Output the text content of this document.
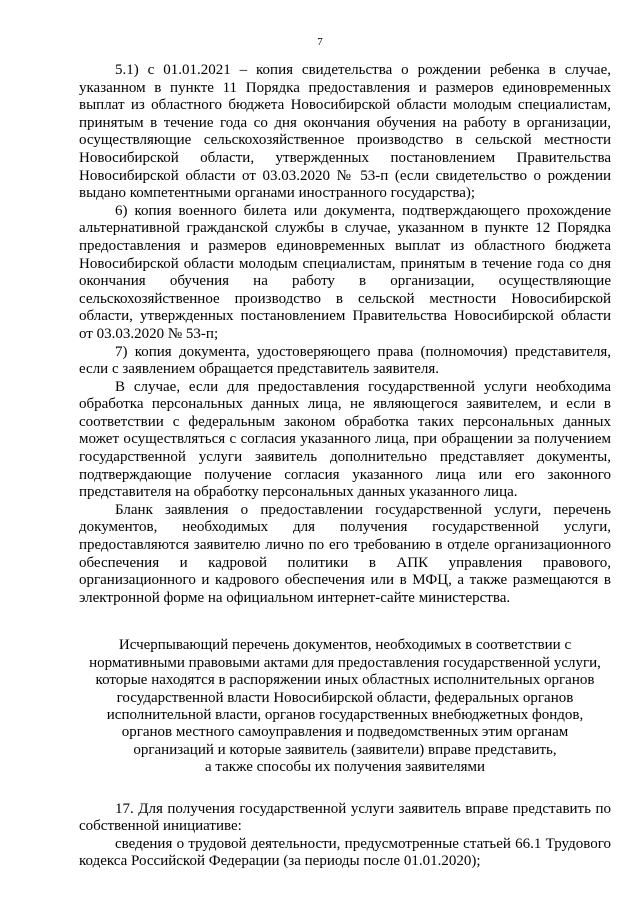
7

5.1) с 01.01.2021 – копия свидетельства о рождении ребенка в случае, указанном в пункте 11 Порядка предоставления и размеров единовременных выплат из областного бюджета Новосибирской области молодым специалистам, принятым в течение года со дня окончания обучения на работу в организации, осуществляющие сельскохозяйственное производство в сельской местности Новосибирской области, утвержденных постановлением Правительства Новосибирской области от 03.03.2020 № 53-п (если свидетельство о рождении выдано компетентными органами иностранного государства);

6) копия военного билета или документа, подтверждающего прохождение альтернативной гражданской службы в случае, указанном в пункте 12 Порядка предоставления и размеров единовременных выплат из областного бюджета Новосибирской области молодым специалистам, принятым в течение года со дня окончания обучения на работу в организации, осуществляющие сельскохозяйственное производство в сельской местности Новосибирской области, утвержденных постановлением Правительства Новосибирской области от 03.03.2020 № 53-п;

7) копия документа, удостоверяющего права (полномочия) представителя, если с заявлением обращается представитель заявителя.

В случае, если для предоставления государственной услуги необходима обработка персональных данных лица, не являющегося заявителем, и если в соответствии с федеральным законом обработка таких персональных данных может осуществляться с согласия указанного лица, при обращении за получением государственной услуги заявитель дополнительно представляет документы, подтверждающие получение согласия указанного лица или его законного представителя на обработку персональных данных указанного лица.

Бланк заявления о предоставлении государственной услуги, перечень документов, необходимых для получения государственной услуги, предоставляются заявителю лично по его требованию в отделе организационного обеспечения и кадровой политики в АПК управления правового, организационного и кадрового обеспечения или в МФЦ, а также размещаются в электронной форме на официальном интернет-сайте министерства.

Исчерпывающий перечень документов, необходимых в соответствии с
нормативными правовыми актами для предоставления государственной услуги,
которые находятся в распоряжении иных областных исполнительных органов
государственной власти Новосибирской области, федеральных органов
исполнительной власти, органов государственных внебюджетных фондов,
органов местного самоуправления и подведомственных этим органам
организаций и которые заявитель (заявители) вправе представить,
а также способы их получения заявителями

17. Для получения государственной услуги заявитель вправе представить по собственной инициативе:

сведения о трудовой деятельности, предусмотренные статьей 66.1 Трудового кодекса Российской Федерации (за периоды после 01.01.2020);
